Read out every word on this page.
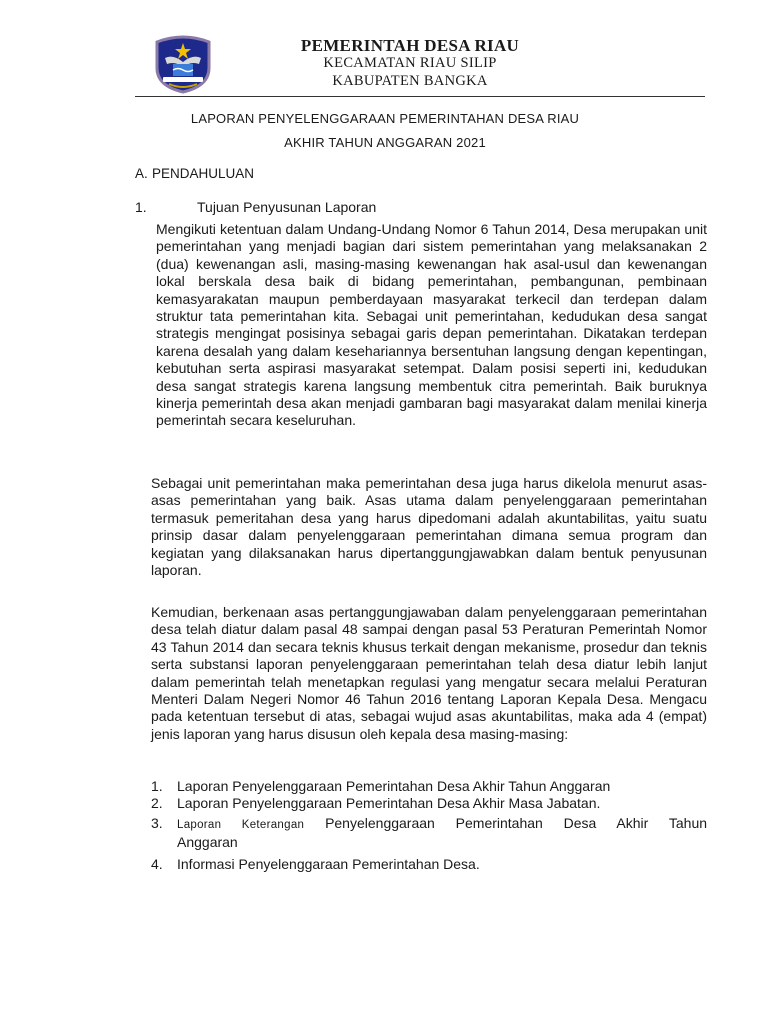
PEMERINTAH DESA RIAU
KECAMATAN RIAU SILIP
KABUPATEN BANGKA
LAPORAN PENYELENGGARAAN PEMERINTAHAN DESA RIAU
AKHIR TAHUN ANGGARAN 2021
A. PENDAHULUAN
1.	Tujuan Penyusunan Laporan

Mengikuti ketentuan dalam Undang-Undang Nomor 6 Tahun 2014, Desa merupakan unit pemerintahan yang menjadi bagian dari sistem pemerintahan yang melaksanakan 2 (dua) kewenangan asli, masing-masing kewenangan hak asal-usul dan kewenangan lokal berskala desa baik di bidang pemerintahan, pembangunan, pembinaan kemasyarakatan maupun pemberdayaan masyarakat terkecil dan terdepan dalam struktur tata pemerintahan kita. Sebagai unit pemerintahan, kedudukan desa sangat strategis mengingat posisinya sebagai garis depan pemerintahan. Dikatakan terdepan karena desalah yang dalam kesehariannya bersentuhan langsung dengan kepentingan, kebutuhan serta aspirasi masyarakat setempat. Dalam posisi seperti ini, kedudukan desa sangat strategis karena langsung membentuk citra pemerintah. Baik buruknya kinerja pemerintah desa akan menjadi gambaran bagi masyarakat dalam menilai kinerja pemerintah secara keseluruhan.

Sebagai unit pemerintahan maka pemerintahan desa juga harus dikelola menurut asas-asas pemerintahan yang baik. Asas utama dalam penyelenggaraan pemerintahan termasuk pemeritahan desa yang harus dipedomani adalah akuntabilitas, yaitu suatu prinsip dasar dalam penyelenggaraan pemerintahan dimana semua program dan kegiatan yang dilaksanakan harus dipertanggungjawabkan dalam bentuk penyusunan laporan.

Kemudian, berkenaan asas pertanggungjawaban dalam penyelenggaraan pemerintahan desa telah diatur dalam pasal 48 sampai dengan pasal 53 Peraturan Pemerintah Nomor 43 Tahun 2014 dan secara teknis khusus terkait dengan mekanisme, prosedur dan teknis serta substansi laporan penyelenggaraan pemerintahan telah desa diatur lebih lanjut dalam pemerintah telah menetapkan regulasi yang mengatur secara melalui Peraturan Menteri Dalam Negeri Nomor 46 Tahun 2016 tentang Laporan Kepala Desa. Mengacu pada ketentuan tersebut di atas, sebagai wujud asas akuntabilitas, maka ada 4 (empat) jenis laporan yang harus disusun oleh kepala desa masing-masing:

1. Laporan Penyelenggaraan Pemerintahan Desa Akhir Tahun Anggaran
2. Laporan Penyelenggaraan Pemerintahan Desa Akhir Masa Jabatan.
3. Laporan Keterangan Penyelenggaraan Pemerintahan Desa Akhir Tahun
Anggaran
4. Informasi Penyelenggaraan Pemerintahan Desa.
